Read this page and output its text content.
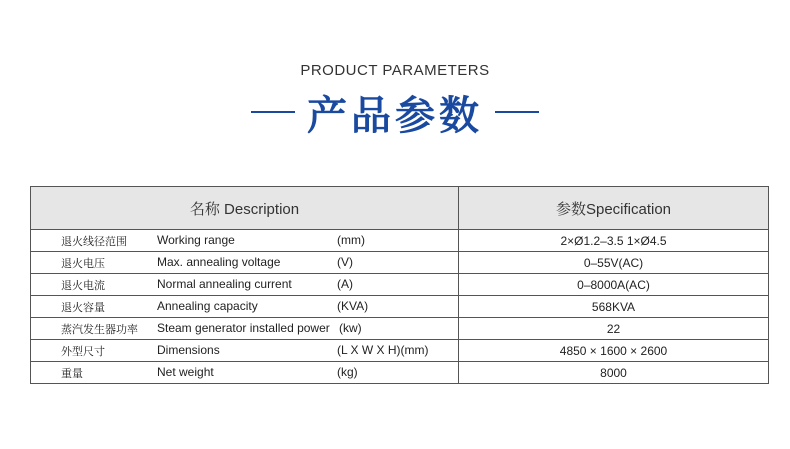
PRODUCT PARAMETERS
产品参数
名称 Description	参数Specification

退火线径范围 Working range (mm)	2×Ø1.2–3.5 1×Ø4.5

退火电压 Max. annealing voltage (V)	0–55V(AC)

退火电流 Normal annealing current (A)	0–8000A(AC)

退火容量 Annealing capacity (KVA)	568KVA

蒸汽发生器功率 Steam generator installed power (kw)	22

外型尺寸 Dimensions (L X W X H)(mm)	4850 × 1600 × 2600

重量 Net weight (kg)	8000
